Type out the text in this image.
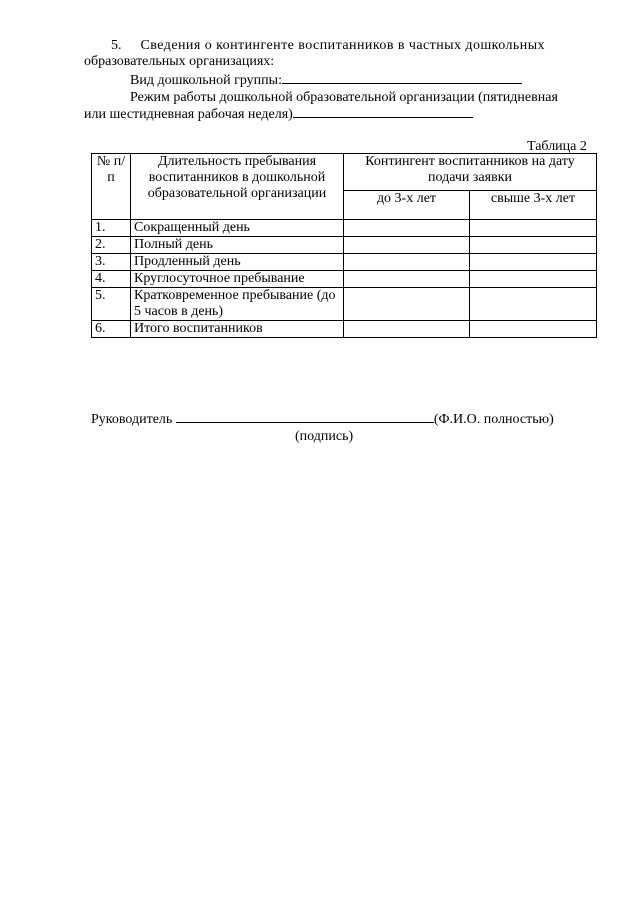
5. Сведения о контингенте воспитанников в частных дошкольных
образовательных организациях:
Вид дошкольной группы:
Режим работы дошкольной образовательной организации (пятидневная
или шестидневная рабочая неделя)
Таблица 2
№ п/п	Длительность пребывания воспитанников в дошкольной образовательной организации	Контингент воспитанников на дату подачи заявки	
		до 3-х лет	свыше 3-х лет
1.	Сокращенный день		
2.	Полный день		
3.	Продленный день		
4.	Круглосуточное пребывание		
5.	Кратковременное пребывание (до 5 часов в день)		
6.	Итого воспитанников		
Руководитель	(Ф.И.О. полностью)
(подпись)
